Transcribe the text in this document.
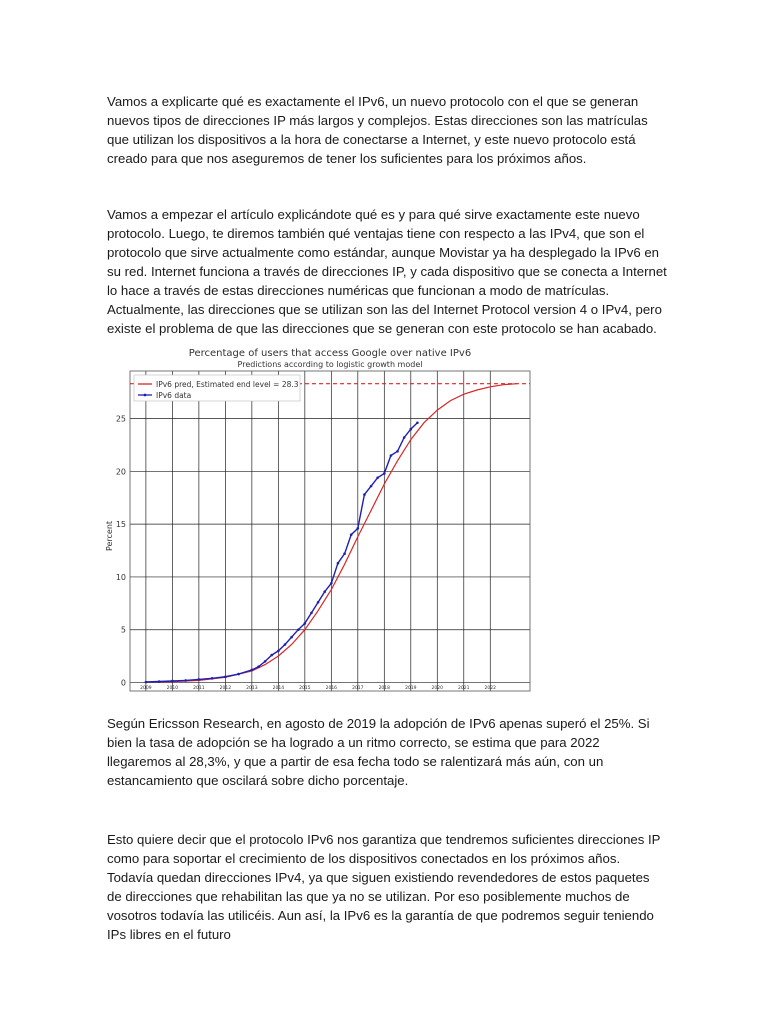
Vamos a explicarte qué es exactamente el IPv6, un nuevo protocolo con el que se generan nuevos tipos de direcciones IP más largos y complejos. Estas direcciones son las matrículas que utilizan los dispositivos a la hora de conectarse a Internet, y este nuevo protocolo está creado para que nos aseguremos de tener los suficientes para los próximos años.

Vamos a empezar el artículo explicándote qué es y para qué sirve exactamente este nuevo protocolo. Luego, te diremos también qué ventajas tiene con respecto a las IPv4, que son el protocolo que sirve actualmente como estándar, aunque Movistar ya ha desplegado la IPv6 en su red. Internet funciona a través de direcciones IP, y cada dispositivo que se conecta a Internet lo hace a través de estas direcciones numéricas que funcionan a modo de matrículas. Actualmente, las direcciones que se utilizan son las del Internet Protocol version 4 o IPv4, pero existe el problema de que las direcciones que se generan con este protocolo se han acabado.

Percentage of users that access Google over native IPv6
Predictions according to logistic growth model
Percent
2009	2010	2011	2012	2013	2014	2015	2016	2017	2018	2019	2020	2021	2022
0
5
10
15
20
25
IPv6 pred, Estimated end level = 28.3
IPv6 data

Según Ericsson Research, en agosto de 2019 la adopción de IPv6 apenas superó el 25%. Si bien la tasa de adopción se ha logrado a un ritmo correcto, se estima que para 2022 llegaremos al 28,3%, y que a partir de esa fecha todo se ralentizará más aún, con un estancamiento que oscilará sobre dicho porcentaje.

Esto quiere decir que el protocolo IPv6 nos garantiza que tendremos suficientes direcciones IP como para soportar el crecimiento de los dispositivos conectados en los próximos años. Todavía quedan direcciones IPv4, ya que siguen existiendo revendedores de estos paquetes de direcciones que rehabilitan las que ya no se utilizan. Por eso posiblemente muchos de vosotros todavía las utilicéis. Aun así, la IPv6 es la garantía de que podremos seguir teniendo IPs libres en el futuro
